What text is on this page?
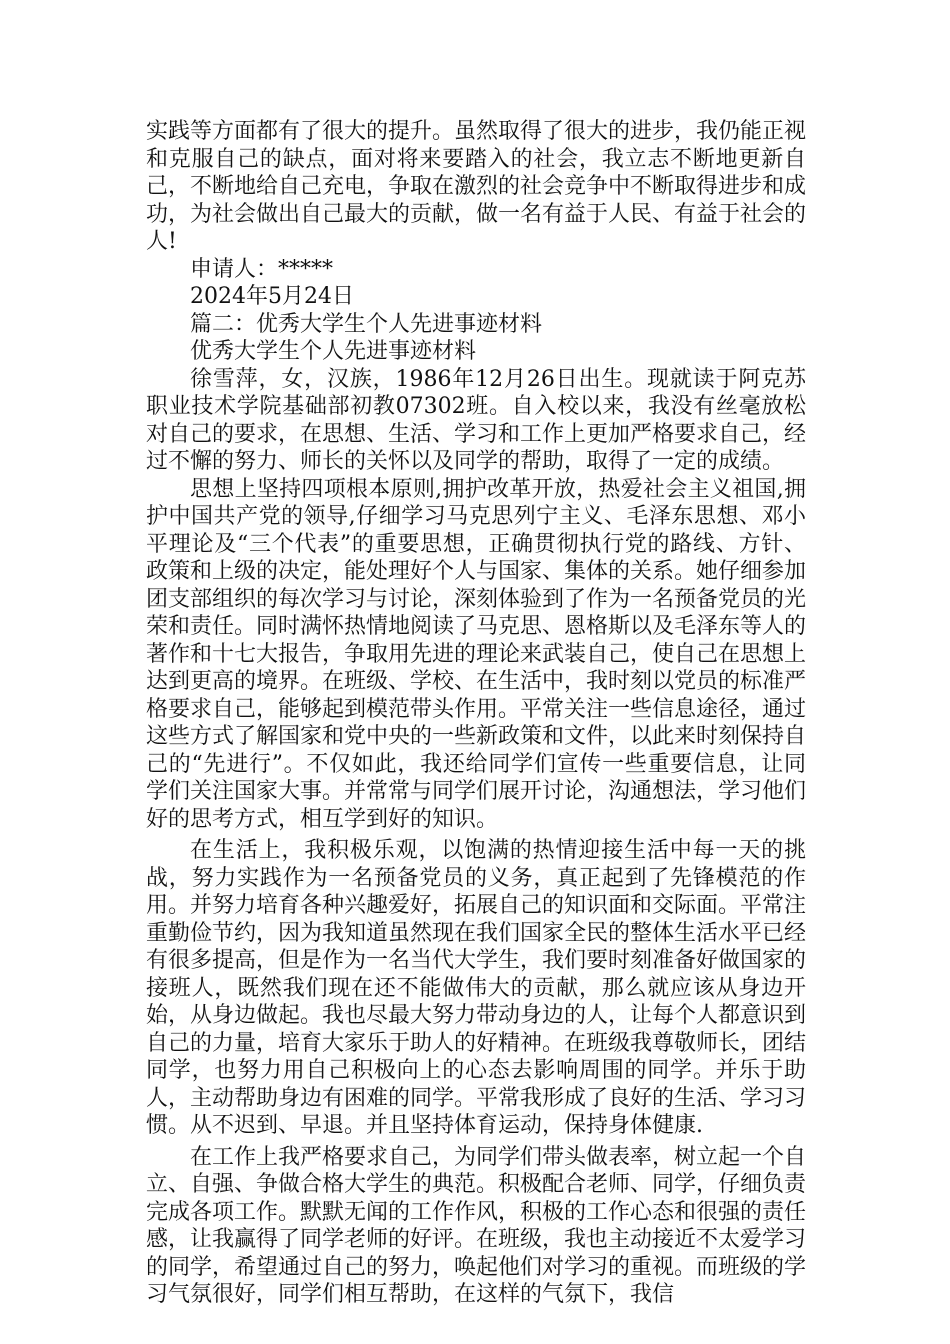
实践等方面都有了很大的提升。虽然取得了很大的进步，我仍能正视和克服自己的缺点，面对将来要踏入的社会，我立志不断地更新自己，不断地给自己充电，争取在激烈的社会竞争中不断取得进步和成功，为社会做出自己最大的贡献，做一名有益于人民、有益于社会的人!

申请人：*****

2024年5月24日

篇二：优秀大学生个人先进事迹材料

优秀大学生个人先进事迹材料

徐雪萍，女，汉族，1986年12月26日出生。现就读于阿克苏职业技术学院基础部初教07302班。自入校以来，我没有丝毫放松对自己的要求，在思想、生活、学习和工作上更加严格要求自己，经过不懈的努力、师长的关怀以及同学的帮助，取得了一定的成绩。

思想上坚持四项根本原则,拥护改革开放，热爱社会主义祖国,拥护中国共产党的领导,仔细学习马克思列宁主义、毛泽东思想、邓小平理论及“三个代表”的重要思想，正确贯彻执行党的路线、方针、政策和上级的决定，能处理好个人与国家、集体的关系。她仔细参加团支部组织的每次学习与讨论，深刻体验到了作为一名预备党员的光荣和责任。同时满怀热情地阅读了马克思、恩格斯以及毛泽东等人的著作和十七大报告，争取用先进的理论来武装自己，使自己在思想上达到更高的境界。在班级、学校、在生活中，我时刻以党员的标准严格要求自己，能够起到模范带头作用。平常关注一些信息途径，通过这些方式了解国家和党中央的一些新政策和文件，以此来时刻保持自己的“先进行”。不仅如此，我还给同学们宣传一些重要信息，让同学们关注国家大事。并常常与同学们展开讨论，沟通想法，学习他们好的思考方式，相互学到好的知识。

在生活上，我积极乐观，以饱满的热情迎接生活中每一天的挑战，努力实践作为一名预备党员的义务，真正起到了先锋模范的作用。并努力培育各种兴趣爱好，拓展自己的知识面和交际面。平常注重勤俭节约，因为我知道虽然现在我们国家全民的整体生活水平已经有很多提高，但是作为一名当代大学生，我们要时刻准备好做国家的接班人，既然我们现在还不能做伟大的贡献，那么就应该从身边开始，从身边做起。我也尽最大努力带动身边的人，让每个人都意识到自己的力量，培育大家乐于助人的好精神。在班级我尊敬师长，团结同学，也努力用自己积极向上的心态去影响周围的同学。并乐于助人，主动帮助身边有困难的同学。平常我形成了良好的生活、学习习惯。从不迟到、早退。并且坚持体育运动，保持身体健康.

在工作上我严格要求自己，为同学们带头做表率，树立起一个自立、自强、争做合格大学生的典范。积极配合老师、同学，仔细负责完成各项工作。默默无闻的工作作风，积极的工作心态和很强的责任感，让我赢得了同学老师的好评。在班级，我也主动接近不太爱学习的同学，希望通过自己的努力，唤起他们对学习的重视。而班级的学习气氛很好，同学们相互帮助，在这样的气氛下，我信
